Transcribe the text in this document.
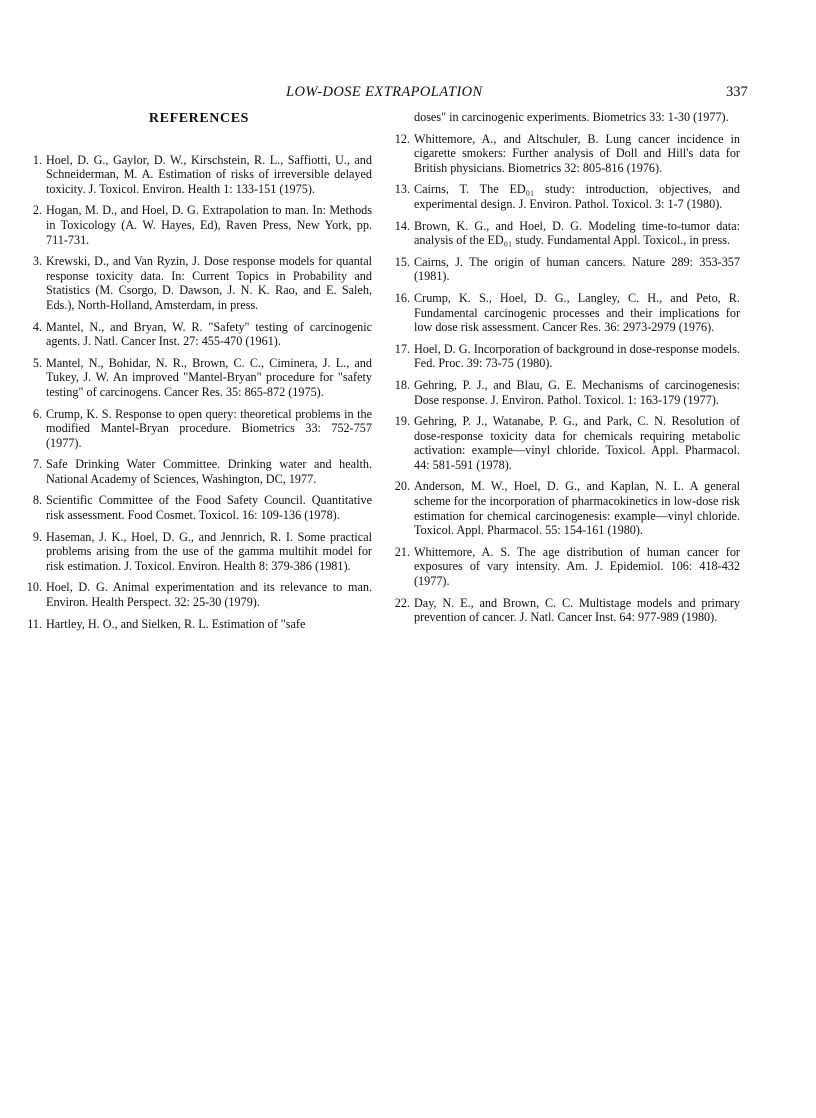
LOW-DOSE EXTRAPOLATION	337
REFERENCES
1 . Hoel, D. G., Gaylor, D. W., Kirschstein, R. L., Saffiotti, U., and Schneiderman, M. A. Estimation of risks of irreversible delayed toxicity. J. Toxicol. Environ. Health 1: 133-151 (1975).
2 . Hogan, M. D., and Hoel, D. G. Extrapolation to man. In: Methods in Toxicology (A. W. Hayes, Ed), Raven Press, New York, pp. 711-731.
3 . Krewski, D., and Van Ryzin, J. Dose response models for quantal response toxicity data. In: Current Topics in Probability and Statistics (M. Csorgo, D. Dawson, J. N. K. Rao, and E. Saleh, Eds.), North-Holland, Amsterdam, in press.
4 . Mantel, N., and Bryan, W. R. "Safety" testing of carcinogenic agents. J. Natl. Cancer Inst. 27: 455-470 (1961).
5 . Mantel, N., Bohidar, N. R., Brown, C. C., Ciminera, J. L., and Tukey, J. W. An improved "Mantel-Bryan" procedure for "safety testing" of carcinogens. Cancer Res. 35: 865-872 (1975).
6 . Crump, K. S. Response to open query: theoretical problems in the modified Mantel-Bryan procedure. Biometrics 33: 752-757 (1977).
7 . Safe Drinking Water Committee. Drinking water and health. National Academy of Sciences, Washington, DC, 1977.
8 . Scientific Committee of the Food Safety Council. Quantitative risk assessment. Food Cosmet. Toxicol. 16: 109-136 (1978).
9 . Haseman, J. K., Hoel, D. G., and Jennrich, R. I. Some practical problems arising from the use of the gamma multihit model for risk estimation. J. Toxicol. Environ. Health 8: 379-386 (1981).
10 . Hoel, D. G. Animal experimentation and its relevance to man. Environ. Health Perspect. 32: 25-30 (1979).
11 . Hartley, H. O., and Sielken, R. L. Estimation of "safe
doses" in carcinogenic experiments. Biometrics 33: 1-30 (1977).
12 . Whittemore, A., and Altschuler, B. Lung cancer incidence in cigarette smokers: Further analysis of Doll and Hill's data for British physicians. Biometrics 32: 805-816 (1976).
13 . Cairns, T. The ED₀₁ study: introduction, objectives, and experimental design. J. Environ. Pathol. Toxicol. 3: 1-7 (1980).
14 . Brown, K. G., and Hoel, D. G. Modeling time-to-tumor data: analysis of the ED₀₁ study. Fundamental Appl. Toxicol., in press.
15 . Cairns, J. The origin of human cancers. Nature 289: 353-357 (1981).
16 . Crump, K. S., Hoel, D. G., Langley, C. H., and Peto, R. Fundamental carcinogenic processes and their implications for low dose risk assessment. Cancer Res. 36: 2973-2979 (1976).
17 . Hoel, D. G. Incorporation of background in dose-response models. Fed. Proc. 39: 73-75 (1980).
18 . Gehring, P. J., and Blau, G. E. Mechanisms of carcinogenesis: Dose response. J. Environ. Pathol. Toxicol. 1: 163-179 (1977).
19 . Gehring, P. J., Watanabe, P. G., and Park, C. N. Resolution of dose-response toxicity data for chemicals requiring metabolic activation: example—vinyl chloride. Toxicol. Appl. Pharmacol. 44: 581-591 (1978).
20 . Anderson, M. W., Hoel, D. G., and Kaplan, N. L. A general scheme for the incorporation of pharmacokinetics in low-dose risk estimation for chemical carcinogenesis: example—vinyl chloride. Toxicol. Appl. Pharmacol. 55: 154-161 (1980).
21 . Whittemore, A. S. The age distribution of human cancer for exposures of vary intensity. Am. J. Epidemiol. 106: 418-432 (1977).
22 . Day, N. E., and Brown, C. C. Multistage models and primary prevention of cancer. J. Natl. Cancer Inst. 64: 977-989 (1980).
